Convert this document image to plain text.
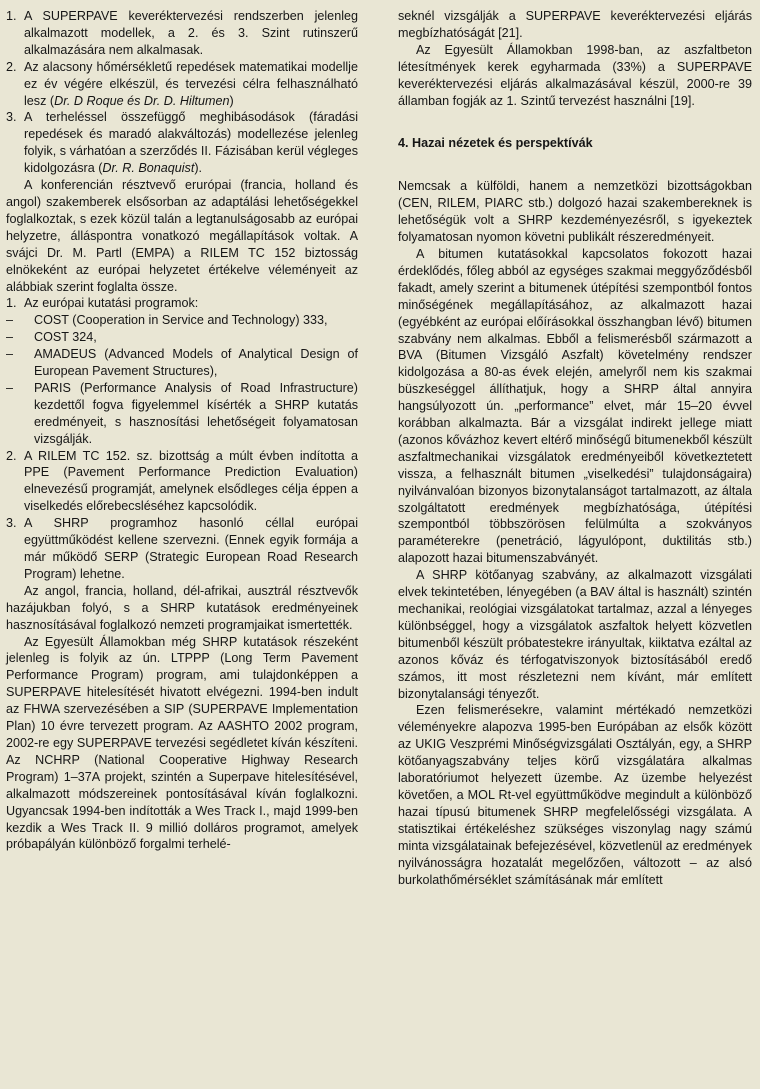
1. A SUPERPAVE keveréktervezési rendszerben jelenleg alkalmazott modellek, a 2. és 3. Szint rutinszerű alkalmazására nem alkalmasak.
2. Az alacsony hőmérsékletű repedések matematikai modellje ez év végére elkészül, és tervezési célra felhasználható lesz (Dr. D Roque és Dr. D. Hiltumen)
3. A terheléssel összefüggő meghibásodások (fáradási repedések és maradó alakváltozás) modellezése jelenleg folyik, s várhatóan a szerződés II. Fázisában kerül végleges kidolgozásra (Dr. R. Bonaquist).

A konferencián résztvevő erurópai (francia, holland és angol) szakemberek elsősorban az adaptálási lehetőségekkel foglalkoztak, s ezek közül talán a legtanulságosabb az európai helyzetre, álláspontra vonatkozó megállapítások voltak. A svájci Dr. M. Partl (EMPA) a RILEM TC 152 biztosság elnökeként az európai helyzetet értékelve véleményeit az alábbiak szerint foglalta össze.

1. Az európai kutatási programok:
–	COST (Cooperation in Service and Technology) 333,
–	COST 324,
–	AMADEUS (Advanced Models of Analytical Design of European Pavement Structures),
–	PARIS (Performance Analysis of Road Infrastructure) kezdettől fogva figyelemmel kísérték a SHRP kutatás eredményeit, s hasznosítási lehetőségeit folyamatosan vizsgálják.
2. A RILEM TC 152. sz. bizottság a múlt évben indította a PPE (Pavement Performance Prediction Evaluation) elnevezésű programját, amelynek elsődleges célja éppen a viselkedés előrebecsléséhez kapcsolódik.
3. A SHRP programhoz hasonló céllal európai együttműködést kellene szervezni. (Ennek egyik formája a már működő SERP (Strategic European Road Research Program) lehetne.

Az angol, francia, holland, dél-afrikai, ausztrál résztvevők hazájukban folyó, s a SHRP kutatások eredményeinek hasznosításával foglalkozó nemzeti programjaikat ismertették.

Az Egyesült Államokban még SHRP kutatások részeként jelenleg is folyik az ún. LTPPP (Long Term Pavement Performance Program) program, ami tulajdonképpen a SUPERPAVE hitelesítését hivatott elvégezni. 1994-ben indult az FHWA szervezésében a SIP (SUPERPAVE Implementation Plan) 10 évre tervezett program. Az AASHTO 2002 program, 2002-re egy SUPERPAVE tervezési segédletet kíván készíteni. Az NCHRP (National Cooperative Highway Research Program) 1–37A projekt, szintén a Superpave hitelesítésével, alkalmazott módszereinek pontosításával kíván foglalkozni. Ugyancsak 1994-ben indították a Wes Track I., majd 1999-ben kezdik a Wes Track II. 9 millió dolláros programot, amelyek próbapályán különböző forgalmi terhelé-

seknél vizsgálják a SUPERPAVE keveréktervezési eljárás megbízhatóságát [21].

Az Egyesült Államokban 1998-ban, az aszfaltbeton létesítmények kerek egyharmada (33%) a SUPERPAVE keveréktervezési eljárás alkalmazásával készül, 2000-re 39 államban fogják az 1. Szintű tervezést használni [19].

4. Hazai nézetek és perspektívák

Nemcsak a külföldi, hanem a nemzetközi bizottságokban (CEN, RILEM, PIARC stb.) dolgozó hazai szakembereknek is lehetőségük volt a SHRP kezdeményezésről, s igyekeztek folyamatosan nyomon követni publikált részeredményeit.

A bitumen kutatásokkal kapcsolatos fokozott hazai érdeklődés, főleg abból az egységes szakmai meggyőződésből fakadt, amely szerint a bitumenek útépítési szempontból fontos minőségének megállapításához, az alkalmazott hazai (egyébként az európai előírásokkal összhangban lévő) bitumen szabvány nem alkalmas. Ebből a felismerésből származott a BVA (Bitumen Vizsgáló Aszfalt) követelmény rendszer kidolgozása a 80-as évek elején, amelyről nem kis szakmai büszkeséggel állíthatjuk, hogy a SHRP által annyira hangsúlyozott ún. „performance” elvet, már 15–20 évvel korábban alkalmazta. Bár a vizsgálat indirekt jellege miatt (azonos kővázhoz kevert eltérő minőségű bitumenekből készült aszfaltmechanikai vizsgálatok eredményeiből következtetett vissza, a felhasznált bitumen „viselkedési” tulajdonságaira) nyilvánvalóan bizonyos bizonytalanságot tartalmazott, az általa szolgáltatott eredmények megbízhatósága, útépítési szempontból többszörösen felülmúlta a szokványos paraméterekre (penetráció, lágyulópont, duktilitás stb.) alapozott hazai bitumenszabványét.

A SHRP kötőanyag szabvány, az alkalmazott vizsgálati elvek tekintetében, lényegében (a BAV által is használt) szintén mechanikai, reológiai vizsgálatokat tartalmaz, azzal a lényeges különbséggel, hogy a vizsgálatok aszfaltok helyett közvetlen bitumenből készült próbatestekre irányultak, kiiktatva ezáltal az azonos kőváz és térfogatviszonyok biztosításából eredő számos, itt most részletezni nem kívánt, már említett bizonytalansági tényezőt.

Ezen felismerésekre, valamint mértékadó nemzetközi véleményekre alapozva 1995-ben Európában az elsők között az UKIG Veszprémi Minőségvizsgálati Osztályán, egy, a SHRP kötőanyagszabvány teljes körű vizsgálatára alkalmas laboratóriumot helyezett üzembe. Az üzembe helyezést követően, a MOL Rt-vel együttműködve megindult a különböző hazai típusú bitumenek SHRP megfelelősségi vizsgálata. A statisztikai értékeléshez szükséges viszonylag nagy számú minta vizsgálatainak befejezésével, közvetlenül az eredmények nyilvánosságra hozatalát megelőzően, változott – az alsó burkolathőmérséklet számításának már említett
